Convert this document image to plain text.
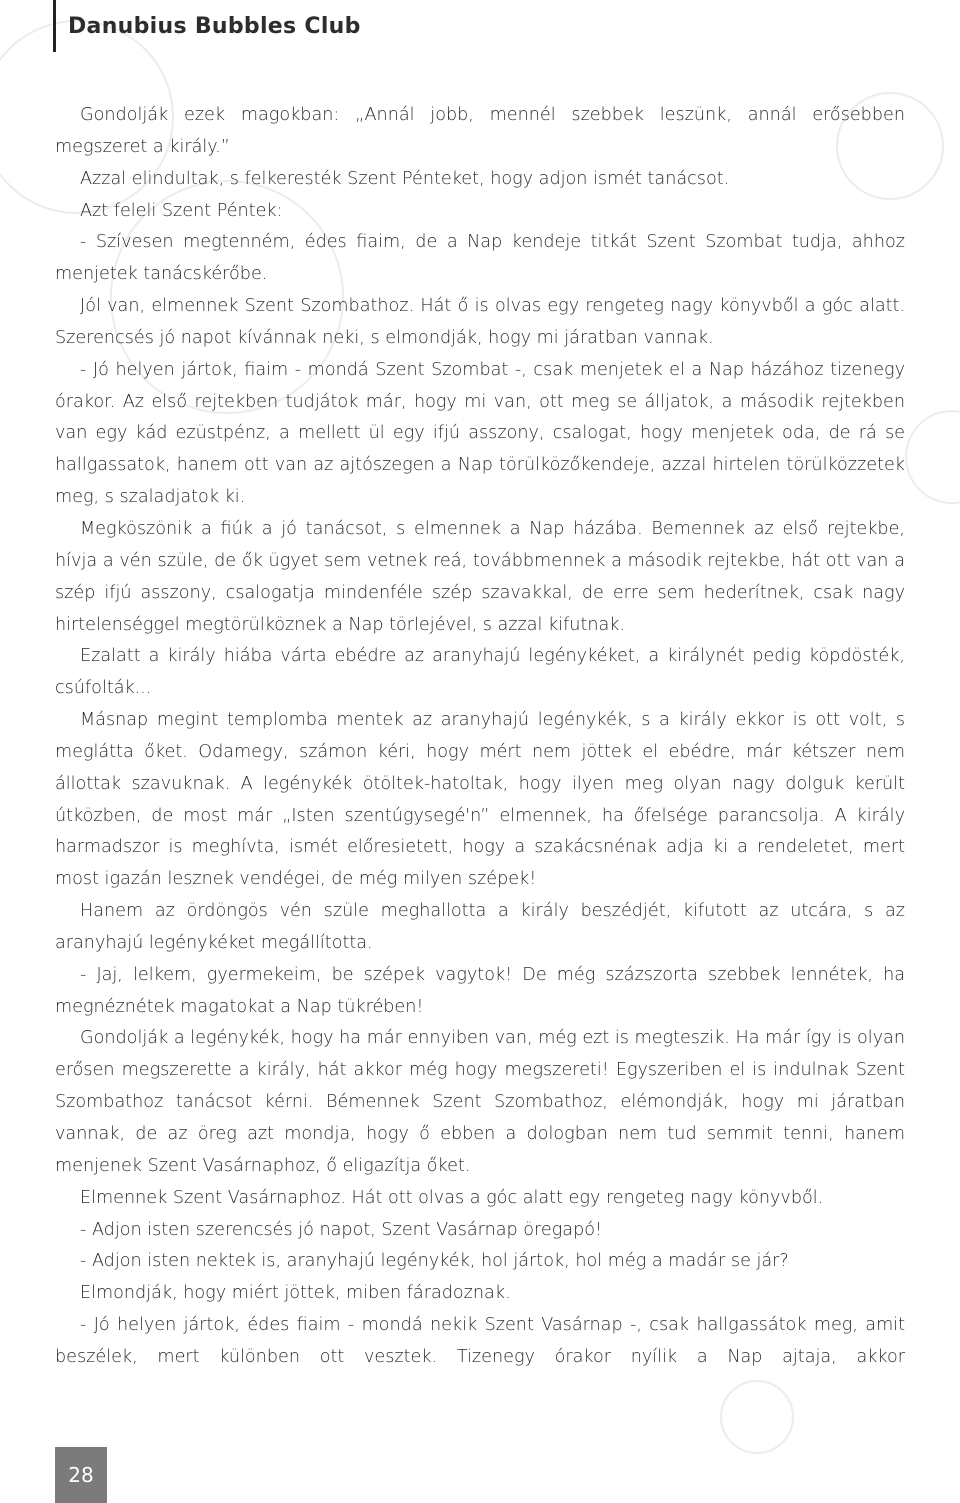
Danubius Bubbles Club

Gondolják ezek magokban: „Annál jobb, mennél szebbek leszünk, annál erősebben megszeret a király.”

Azzal elindultak, s felkeresték Szent Pénteket, hogy adjon ismét tanácsot.

Azt feleli Szent Péntek:

- Szívesen megtenném, édes fiaim, de a Nap kendeje titkát Szent Szombat tudja, ahhoz menjetek tanácskérőbe.

Jól van, elmennek Szent Szombathoz. Hát ő is olvas egy rengeteg nagy könyvből a góc alatt. Szerencsés jó napot kívánnak neki, s elmondják, hogy mi járatban vannak.

- Jó helyen jártok, fiaim - mondá Szent Szombat -, csak menjetek el a Nap házához tizenegy órakor. Az első rejtekben tudjátok már, hogy mi van, ott meg se álljatok, a második rejtekben van egy kád ezüstpénz, a mellett ül egy ifjú asszony, csalogat, hogy menjetek oda, de rá se hallgassatok, hanem ott van az ajtószegen a Nap törülközőkendeje, azzal hirtelen törülközzetek meg, s szaladjatok ki.

Megköszönik a fiúk a jó tanácsot, s elmennek a Nap házába. Bemennek az első rejtekbe, hívja a vén szüle, de ők ügyet sem vetnek reá, továbbmennek a második rejtekbe, hát ott van a szép ifjú asszony, csalogatja mindenféle szép szavakkal, de erre sem hederítnek, csak nagy hirtelenséggel megtörülköznek a Nap törlejével, s azzal kifutnak.

Ezalatt a király hiába várta ebédre az aranyhajú legénykéket, a királynét pedig köpdösték, csúfolták...

Másnap megint templomba mentek az aranyhajú legénykék, s a király ekkor is ott volt, s meglátta őket. Odamegy, számon kéri, hogy mért nem jöttek el ebédre, már kétszer nem állottak szavuknak. A legénykék ötöltek-hatoltak, hogy ilyen meg olyan nagy dolguk került útközben, de most már „Isten szentúgysegé'n” elmennek, ha őfelsége parancsolja. A király harmadszor is meghívta, ismét előresietett, hogy a szakácsnénak adja ki a rendeletet, mert most igazán lesznek vendégei, de még milyen szépek!

Hanem az ördöngös vén szüle meghallotta a király beszédjét, kifutott az utcára, s az aranyhajú legénykéket megállította.

- Jaj, lelkem, gyermekeim, be szépek vagytok! De még százszorta szebbek lennétek, ha megnéznétek magatokat a Nap tükrében!

Gondolják a legénykék, hogy ha már ennyiben van, még ezt is megteszik. Ha már így is olyan erősen megszerette a király, hát akkor még hogy megszereti! Egyszeriben el is indulnak Szent Szombathoz tanácsot kérni. Bémennek Szent Szombathoz, elémondják, hogy mi járatban vannak, de az öreg azt mondja, hogy ő ebben a dologban nem tud semmit tenni, hanem menjenek Szent Vasárnaphoz, ő eligazítja őket.

Elmennek Szent Vasárnaphoz. Hát ott olvas a góc alatt egy rengeteg nagy könyvből.

- Adjon isten szerencsés jó napot, Szent Vasárnap öregapó!

- Adjon isten nektek is, aranyhajú legénykék, hol jártok, hol még a madár se jár?

Elmondják, hogy miért jöttek, miben fáradoznak.

- Jó helyen jártok, édes fiaim - mondá nekik Szent Vasárnap -, csak hallgassátok meg, amit beszélek, mert különben ott vesztek. Tizenegy órakor nyílik a Nap ajtaja, akkor

28
